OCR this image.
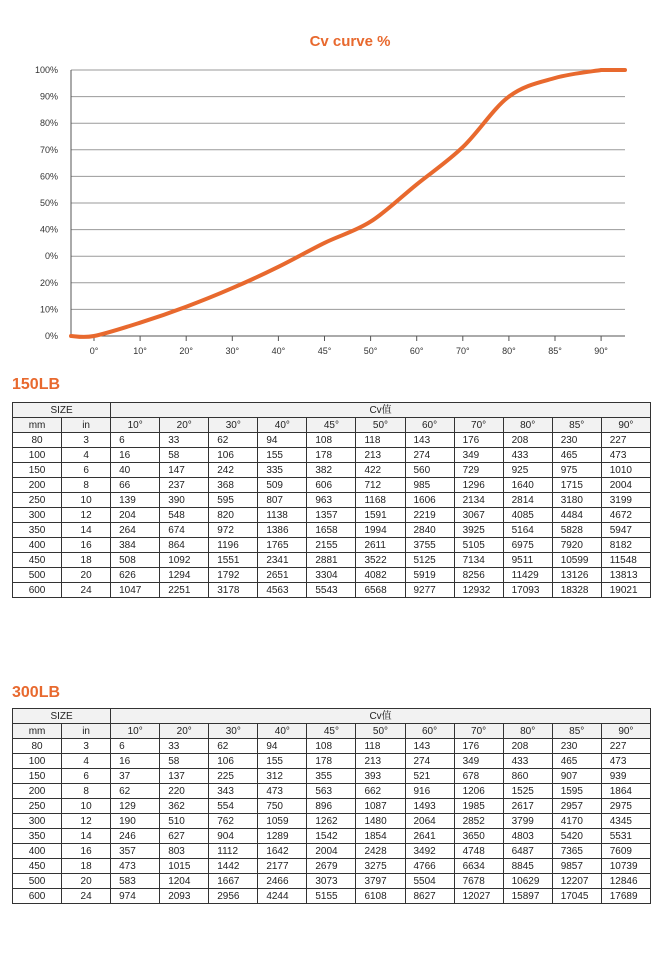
Cv curve %
100%
90%
80%
70%
60%
50%
40%
0%
20%
10%
0%
0°	10°	20°	30°	40°	45°	50°	60°	70°	80°	85°	90°
150LB
SIZE		Cv值										
mm	in	10°	20°	30°	40°	45°	50°	60°	70°	80°	85°	90°
80	3	6	33	62	94	108	118	143	176	208	230	227
100	4	16	58	106	155	178	213	274	349	433	465	473
150	6	40	147	242	335	382	422	560	729	925	975	1010
200	8	66	237	368	509	606	712	985	1296	1640	1715	2004
250	10	139	390	595	807	963	1168	1606	2134	2814	3180	3199
300	12	204	548	820	1138	1357	1591	2219	3067	4085	4484	4672
350	14	264	674	972	1386	1658	1994	2840	3925	5164	5828	5947
400	16	384	864	1196	1765	2155	2611	3755	5105	6975	7920	8182
450	18	508	1092	1551	2341	2881	3522	5125	7134	9511	10599	11548
500	20	626	1294	1792	2651	3304	4082	5919	8256	11429	13126	13813
600	24	1047	2251	3178	4563	5543	6568	9277	12932	17093	18328	19021
300LB
SIZE		Cv值										
mm	in	10°	20°	30°	40°	45°	50°	60°	70°	80°	85°	90°
80	3	6	33	62	94	108	118	143	176	208	230	227
100	4	16	58	106	155	178	213	274	349	433	465	473
150	6	37	137	225	312	355	393	521	678	860	907	939
200	8	62	220	343	473	563	662	916	1206	1525	1595	1864
250	10	129	362	554	750	896	1087	1493	1985	2617	2957	2975
300	12	190	510	762	1059	1262	1480	2064	2852	3799	4170	4345
350	14	246	627	904	1289	1542	1854	2641	3650	4803	5420	5531
400	16	357	803	1112	1642	2004	2428	3492	4748	6487	7365	7609
450	18	473	1015	1442	2177	2679	3275	4766	6634	8845	9857	10739
500	20	583	1204	1667	2466	3073	3797	5504	7678	10629	12207	12846
600	24	974	2093	2956	4244	5155	6108	8627	12027	15897	17045	17689
